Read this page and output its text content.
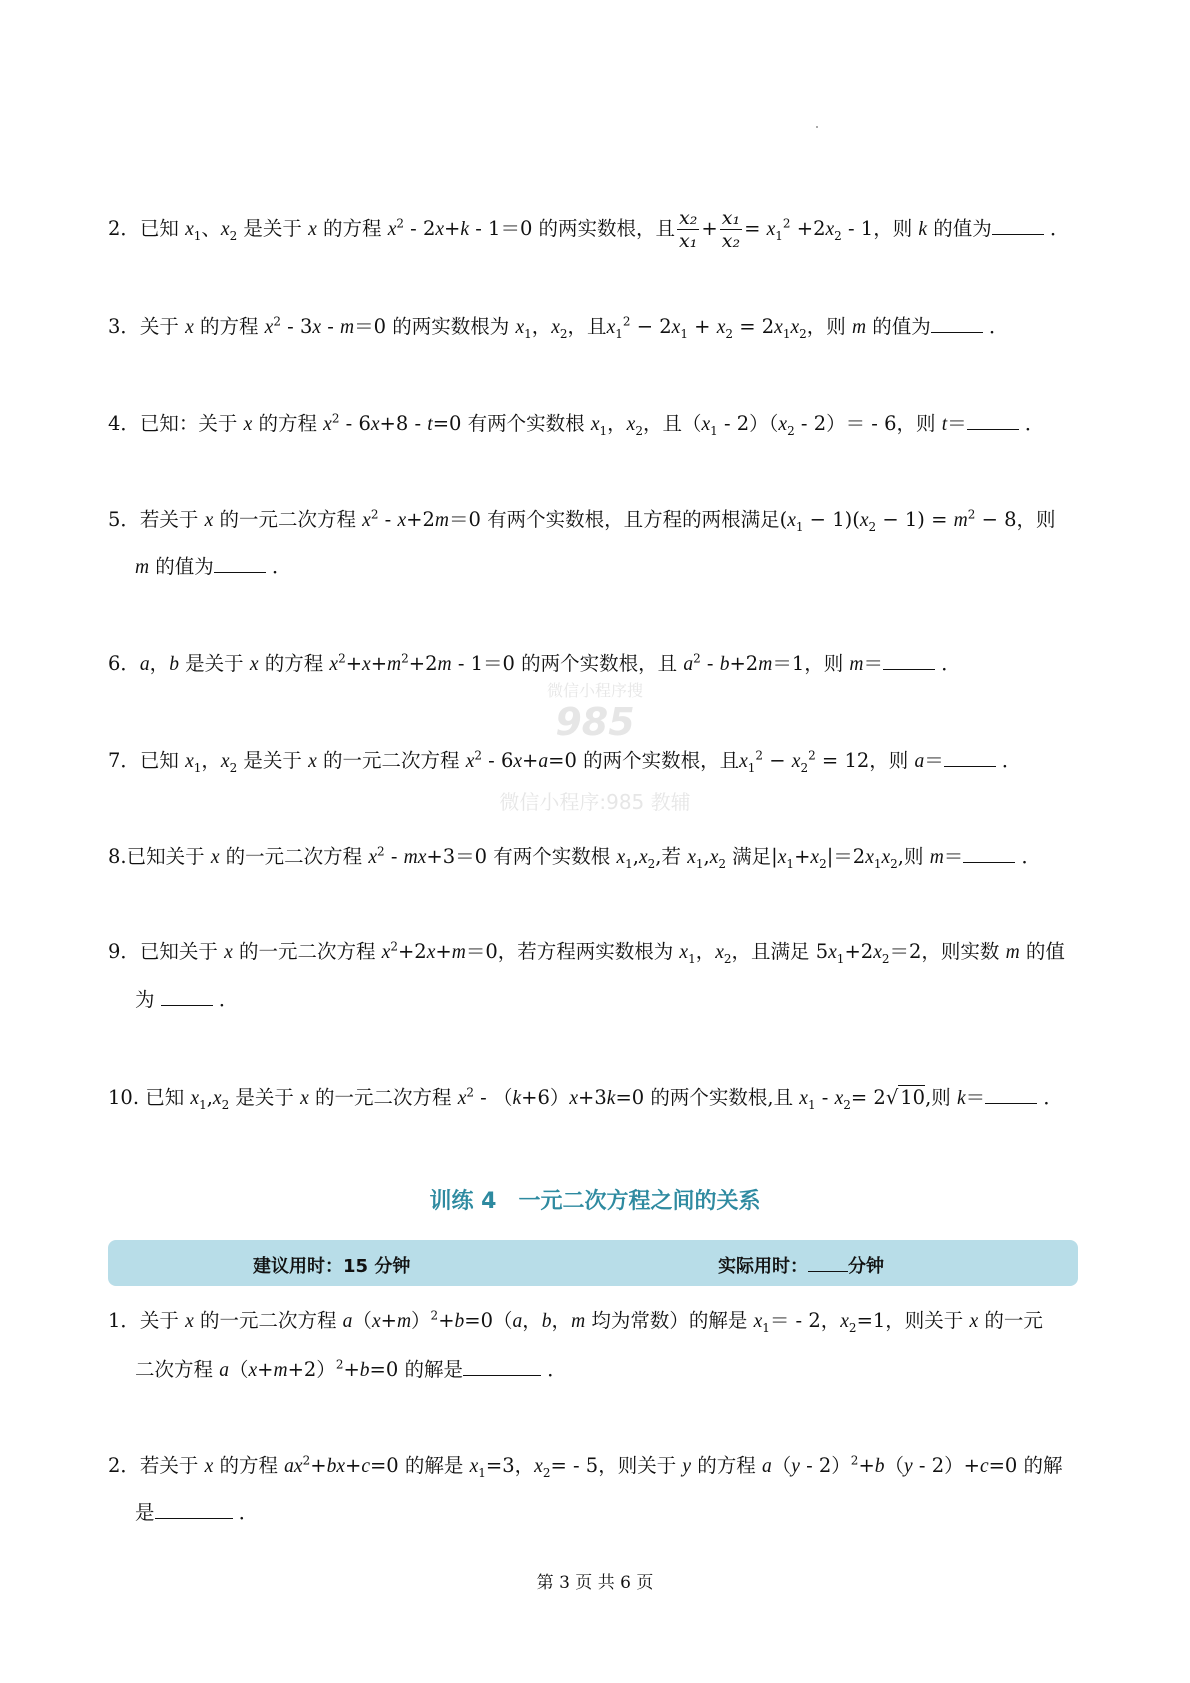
微信小程序搜
985
微信小程序:985 教辅
2．已知 $x_1$、$x_2$ 是关于 x 的方程 $x^2 - 2x+k - 1=0$ 的两实数根，且 $\frac{\text{x₂}}{\text{x₁}} + \frac{\text{x₁}}{\text{x₂}} = x_1^2 +2x_2 - 1$，则 k 的值为	．
3．关于 x 的方程 $x^2 - 3x - m=0$ 的两实数根为 $x_1$，$x_2$，且$x_1^2 - 2x_1 + x_2 = 2x_1x_2$，则 m 的值为	．
4．已知：关于 x 的方程 $x^2 - 6x+8 - t=0$ 有两个实数根 $x_1$，$x_2$，且$(x_1 - 2)(x_2 - 2)= - 6$，则 t＝	．
5．若关于 x 的一元二次方程 $x^2 - x+2m=0$ 有两个实数根，且方程的两根满足$(x_1 - 1)(x_2 - 1) = m^2 - 8$，则
m 的值为	．
6．a，b 是关于 x 的方程 $x^2+x+m^2+2m - 1=0$ 的两个实数根，且 $a^2 - b+2m=1$，则 m＝	．
7．已知 $x_1$，$x_2$ 是关于 x 的一元二次方程 $x^2 - 6x+a=0$ 的两个实数根，且$x_1^2 - x_2^2 = 12$，则 a＝	．
8.已知关于 x 的一元二次方程 $x^2 - mx+3=0$ 有两个实数根 $x_1,x_2$,若 $x_1,x_2$ 满足$|x_1+x_2|=2x_1x_2$,则 m＝	．
9．已知关于 x 的一元二次方程 $x^2+2x+m=0$，若方程两实数根为 $x_1$，$x_2$，且满足 $5x_1+2x_2=2$，则实数 m 的值
为	．
10. 已知 $x_1,x_2$ 是关于 x 的一元二次方程 $x^2 - (k+6)x+3k=0$ 的两个实数根,且 $x_1 - x_2= 2√$ 10,则 k＝	．
训练 4　一元二次方程之间的关系
建议用时：15 分钟	实际用时： 分钟
1．关于 x 的一元二次方程 $a(x+m)^2+b=0(a$，b，m 均为常数）的解是 $x_1= - 2$，$x_2=1$，则关于 x 的一元
二次方程 $a(x+m+2)^2+b=0$ 的解是	．
2．若关于 x 的方程 $ax^2+bx+c=0$ 的解是 $x_1=3$，$x_2= - 5$，则关于 y 的方程 a（y - 2）$^2$+b（y - 2）+c=0 的解
是	．
第 3 页 共 6 页
